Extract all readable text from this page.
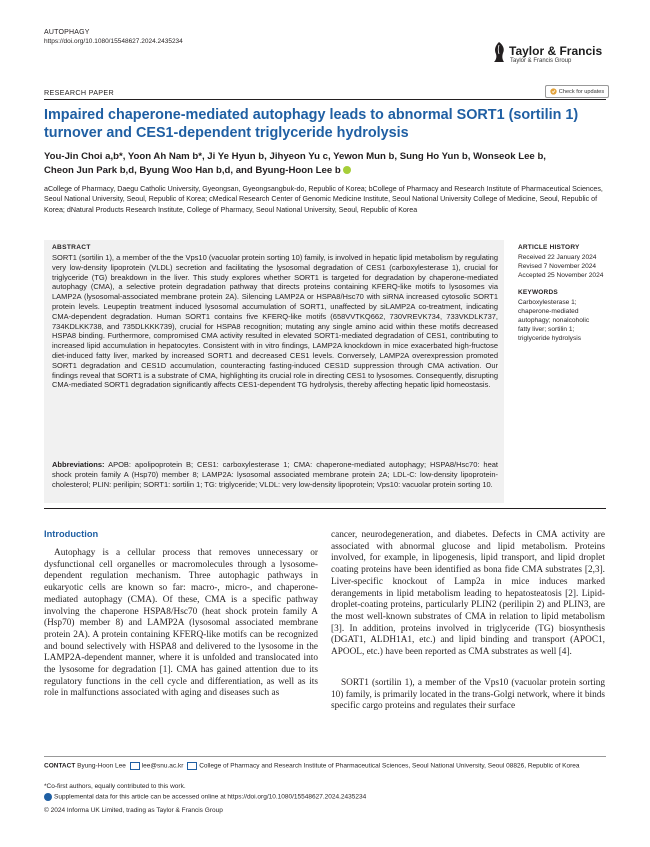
AUTOPHAGY
https://doi.org/10.1080/15548627.2024.2435234
Taylor & Francis
Taylor & Francis Group
Check for updates
RESEARCH PAPER
Impaired chaperone-mediated autophagy leads to abnormal SORT1 (sortilin 1) turnover and CES1-dependent triglyceride hydrolysis
You-Jin Choi a,b*, Yoon Ah Nam b*, Ji Ye Hyun b, Jihyeon Yu c, Yewon Mun b, Sung Ho Yun b, Wonseok Lee b,
Cheon Jun Park b,d, Byung Woo Han b,d, and Byung-Hoon Lee b
aCollege of Pharmacy, Daegu Catholic University, Gyeongsan, Gyeongsangbuk-do, Republic of Korea; bCollege of Pharmacy and Research Institute of Pharmaceutical Sciences, Seoul National University, Seoul, Republic of Korea; cMedical Research Center of Genomic Medicine Institute, Seoul National University College of Medicine, Seoul, Republic of Korea; dNatural Products Research Institute, College of Pharmacy, Seoul National University, Seoul, Republic of Korea
ABSTRACT

SORT1 (sortilin 1), a member of the the Vps10 (vacuolar protein sorting 10) family, is involved in hepatic lipid metabolism by regulating very low-density lipoprotein (VLDL) secretion and facilitating the lysosomal degradation of CES1 (carboxylesterase 1), crucial for triglyceride (TG) breakdown in the liver. This study explores whether SORT1 is targeted for degradation by chaperone-mediated autophagy (CMA), a selective protein degradation pathway that directs proteins containing KFERQ-like motifs to lysosomes via LAMP2A (lysosomal-associated membrane protein 2A). Silencing LAMP2A or HSPA8/Hsc70 with siRNA increased cytosolic SORT1 protein levels. Leupeptin treatment induced lysosomal accumulation of SORT1, unaffected by siLAMP2A co-treatment, indicating CMA-dependent degradation. Human SORT1 contains five KFERQ-like motifs (658VVTKQ662, 730VREVK734, 733VKDLK737, 734KDLKK738, and 735DLKKK739), crucial for HSPA8 recognition; mutating any single amino acid within these motifs decreased HSPA8 binding. Furthermore, compromised CMA activity resulted in elevated SORT1-mediated degradation of CES1, contributing to increased lipid accumulation in hepatocytes. Consistent with in vitro findings, LAMP2A knockdown in mice exacerbated high-fructose diet-induced fatty liver, marked by increased SORT1 and decreased CES1 levels. Conversely, LAMP2A overexpression promoted SORT1 degradation and CES1D accumulation, counteracting fasting-induced CES1D suppression through CMA activation. Our findings reveal that SORT1 is a substrate of CMA, highlighting its crucial role in directing CES1 to lysosomes. Consequently, disrupting CMA-mediated SORT1 degradation significantly affects CES1-dependent TG hydrolysis, thereby affecting hepatic lipid homeostasis.

Abbreviations: APOB: apolipoprotein B; CES1: carboxylesterase 1; CMA: chaperone-mediated autophagy; HSPA8/Hsc70: heat shock protein family A (Hsp70) member 8; LAMP2A: lysosomal associated membrane protein 2A; LDL-C: low-density lipoprotein-cholesterol; PLIN: perilipin; SORT1: sortilin 1; TG: triglyceride; VLDL: very low-density lipoprotein; Vps10: vacuolar protein sorting 10.

ARTICLE HISTORY
Received 22 January 2024
Revised 7 November 2024
Accepted 25 November 2024
KEYWORDS
Carboxylesterase 1;
chaperone-mediated
autophagy; nonalcoholic
fatty liver; sortilin 1;
triglyceride hydrolysis
Introduction

Autophagy is a cellular process that removes unnecessary or dysfunctional cell organelles or macromolecules through a lysosome-dependent regulation mechanism. Three autophagic pathways in eukaryotic cells are known so far: macro-, micro-, and chaperone-mediated autophagy (CMA). Of these, CMA is a specific pathway involving the chaperone HSPA8/Hsc70 (heat shock protein family A (Hsp70) member 8) and LAMP2A (lysosomal associated membrane protein 2A). A protein containing KFERQ-like motifs can be recognized and bound selectively with HSPA8 and delivered to the lysosome in the LAMP2A-dependent manner, where it is unfolded and translocated into the lysosome for degradation [1]. CMA has gained attention due to its regulatory functions in the cell cycle and differentiation, as well as its role in malfunctions associated with aging and diseases such as

cancer, neurodegeneration, and diabetes. Defects in CMA activity are associated with abnormal glucose and lipid metabolism. Proteins involved, for example, in lipogenesis, lipid transport, and lipid droplet coating proteins have been identified as bona fide CMA substrates [2,3]. Liver-specific knockout of Lamp2a in mice induces marked derangements in lipid metabolism leading to hepatosteatosis [2]. Lipid-droplet-coating proteins, particularly PLIN2 (perilipin 2) and PLIN3, are the most well-known substrates of CMA in relation to lipid metabolism [3]. In addition, proteins involved in triglyceride (TG) biosynthesis (DGAT1, ALDH1A1, etc.) and lipid binding and transport (APOC1, APOOL, etc.) have been reported as CMA substrates as well [4].

SORT1 (sortilin 1), a member of the Vps10 (vacuolar protein sorting 10) family, is primarily located in the trans-Golgi network, where it binds specific cargo proteins and regulates their surface

CONTACT Byung-Hoon Lee lee@snu.ac.kr College of Pharmacy and Research Institute of Pharmaceutical Sciences, Seoul National University, Seoul 08826, Republic of Korea
*Co-first authors, equally contributed to this work.
Supplemental data for this article can be accessed online at https://doi.org/10.1080/15548627.2024.2435234
© 2024 Informa UK Limited, trading as Taylor & Francis Group
